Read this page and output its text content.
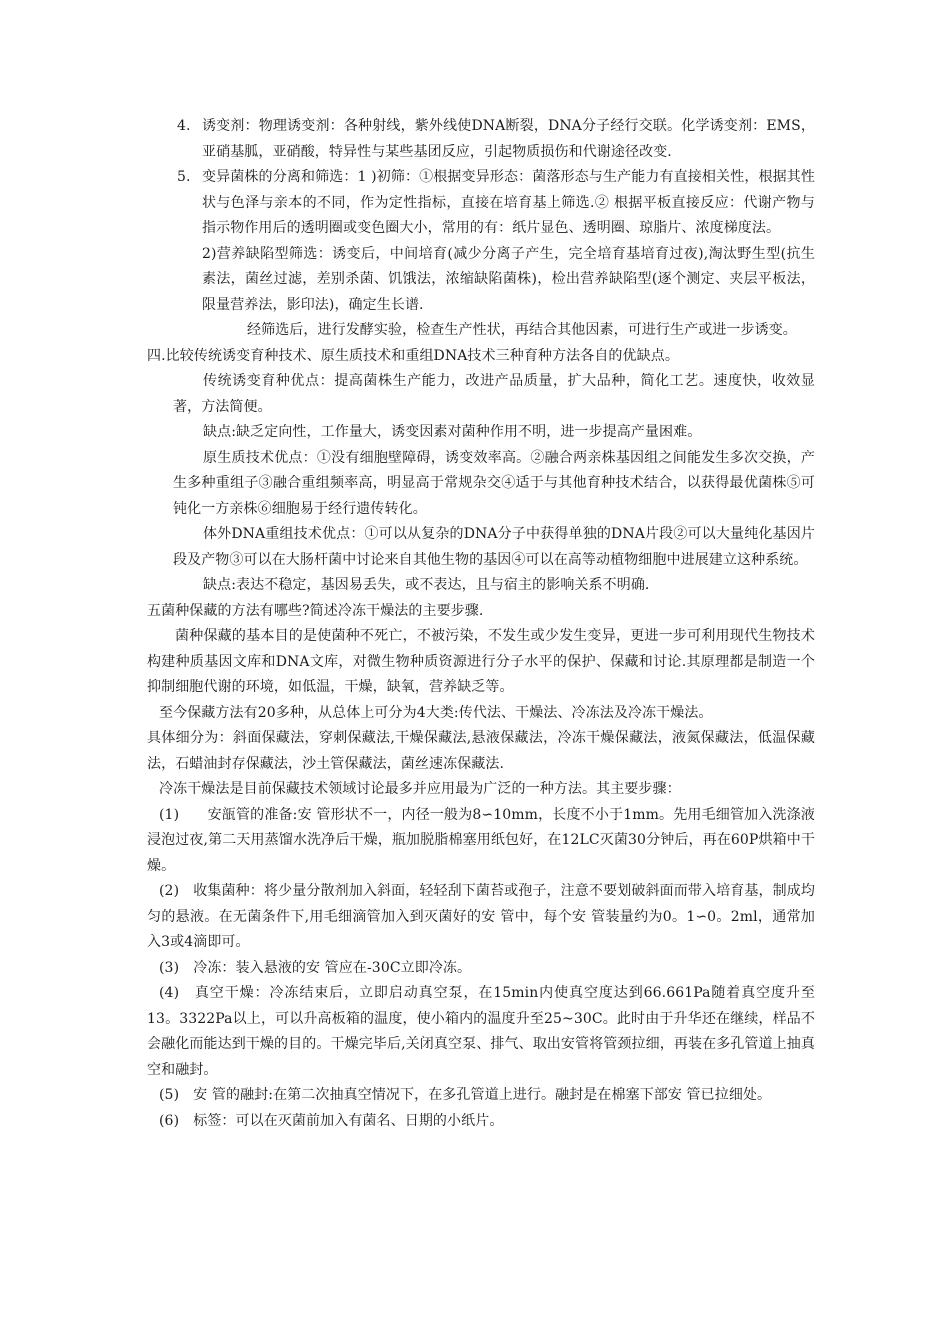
4. 诱变剂：物理诱变剂：各种射线，紫外线使DNA断裂，DNA分子经行交联。化学诱变剂：EMS，亚硝基胍，亚硝酸，特异性与某些基团反应，引起物质损伤和代谢途径改变.

5. 变异菌株的分离和筛选：1 )初筛：①根据变异形态：菌落形态与生产能力有直接相关性，根据其性状与色泽与亲本的不同，作为定性指标，直接在培育基上筛选.② 根据平板直接反应：代谢产物与指示物作用后的透明圈或变色圈大小，常用的有：纸片显色、透明圈、琼脂片、浓度梯度法。

2)营养缺陷型筛选：诱变后，中间培育(减少分离子产生，完全培育基培育过夜),淘汰野生型(抗生素法，菌丝过滤，差别杀菌、饥饿法，浓缩缺陷菌株)，检出营养缺陷型(逐个测定、夹层平板法，限量营养法，影印法)，确定生长谱.

经筛选后，进行发酵实验，检查生产性状，再结合其他因素，可进行生产或进一步诱变。

四.比较传统诱变育种技术、原生质技术和重组DNA技术三种育种方法各自的优缺点。

传统诱变育种优点：提高菌株生产能力，改进产品质量，扩大品种，简化工艺。速度快，收效显著，方法简便。

缺点:缺乏定向性，工作量大，诱变因素对菌种作用不明，进一步提高产量困难。

原生质技术优点：①没有细胞壁障碍，诱变效率高。②融合两亲株基因组之间能发生多次交换，产生多种重组子③融合重组频率高，明显高于常规杂交④适于与其他育种技术结合，以获得最优菌株⑤可钝化一方亲株⑥细胞易于经行遗传转化。

体外DNA重组技术优点：①可以从复杂的DNA分子中获得单独的DNA片段②可以大量纯化基因片段及产物③可以在大肠杆菌中讨论来自其他生物的基因④可以在高等动植物细胞中进展建立这种系统。

缺点:表达不稳定，基因易丢失，或不表达，且与宿主的影响关系不明确.

五菌种保藏的方法有哪些?简述冷冻干燥法的主要步骤.

菌种保藏的基本目的是使菌种不死亡，不被污染，不发生或少发生变异，更进一步可利用现代生物技术构建种质基因文库和DNA文库，对微生物种质资源进行分子水平的保护、保藏和讨论.其原理都是制造一个抑制细胞代谢的环境，如低温，干燥，缺氧，营养缺乏等。

至今保藏方法有20多种，从总体上可分为4大类:传代法、干燥法、冷冻法及冷冻干燥法。

具体细分为：斜面保藏法，穿刺保藏法,干燥保藏法,悬液保藏法，冷冻干燥保藏法，液氮保藏法，低温保藏法，石蜡油封存保藏法，沙土管保藏法，菌丝速冻保藏法.

冷冻干燥法是目前保藏技术领域讨论最多并应用最为广泛的一种方法。其主要步骤：

(1)　　安瓿管的准备:安 管形状不一，内径一般为8∽10mm，长度不小于1mm。先用毛细管加入洗涤液浸泡过夜,第二天用蒸馏水洗净后干燥，瓶加脱脂棉塞用纸包好，在12LC灭菌30分钟后，再在60P烘箱中干燥。

(2)　收集菌种：将少量分散剂加入斜面，轻轻刮下菌苔或孢子，注意不要划破斜面而带入培育基，制成均匀的悬液。在无菌条件下,用毛细滴管加入到灭菌好的安 管中，每个安 管装量约为0。1∽0。2ml，通常加入3或4滴即可。

(3)　冷冻：装入悬液的安 管应在-30C立即冷冻。

(4)　真空干燥：冷冻结束后，立即启动真空泵，在15min内使真空度达到66.661Pa随着真空度升至13。3322Pa以上，可以升高板箱的温度，使小箱内的温度升至25~30C。此时由于升华还在继续，样品不会融化而能达到干燥的目的。干燥完毕后,关闭真空泵、排气、取出安管将管颈拉细，再装在多孔管道上抽真空和融封。

(5)　安 管的融封:在第二次抽真空情况下，在多孔管道上进行。融封是在棉塞下部安 管已拉细处。

(6)　标签：可以在灭菌前加入有菌名、日期的小纸片。
